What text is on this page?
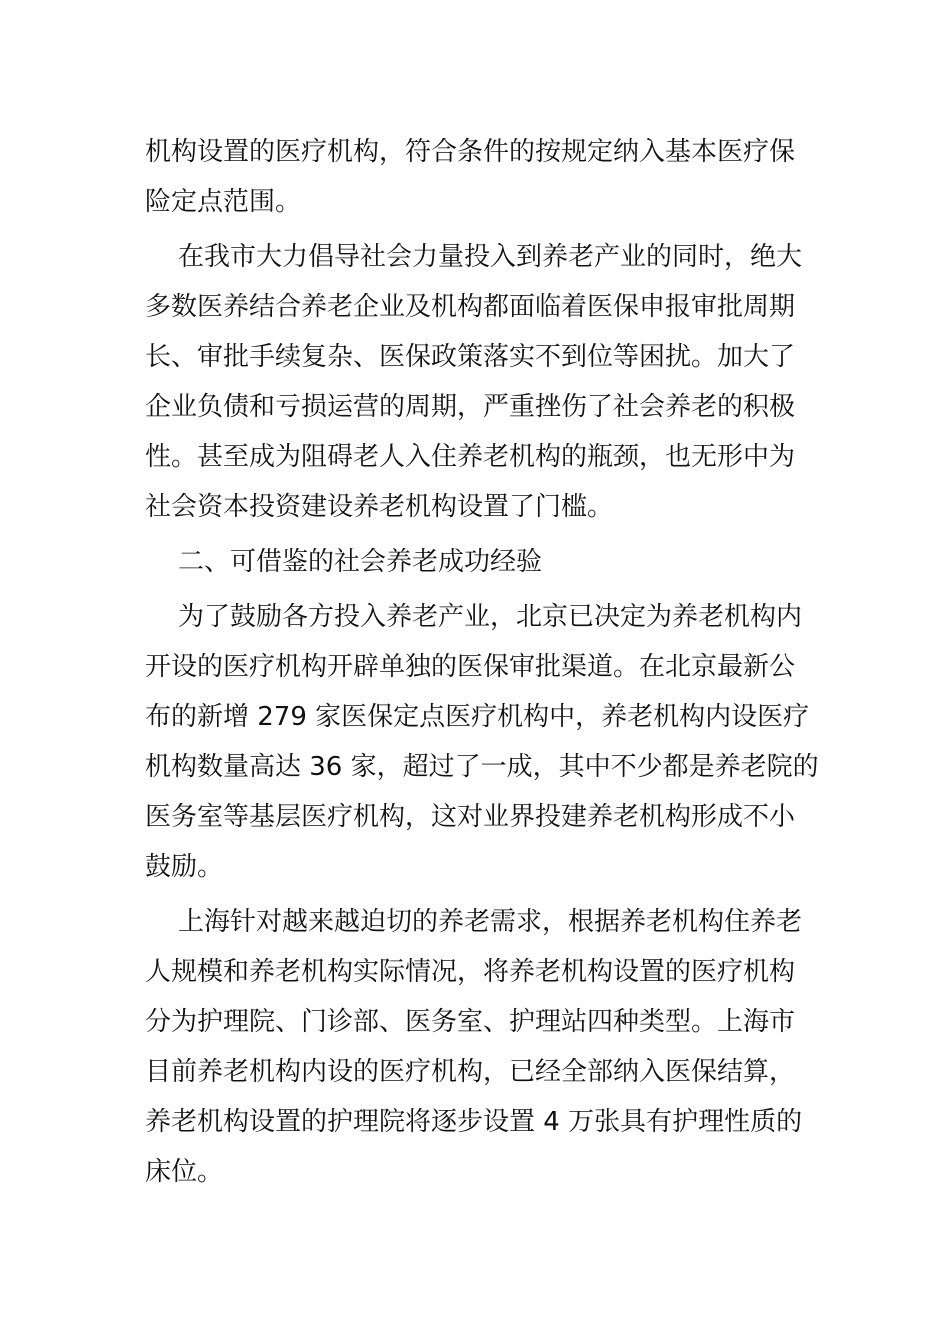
机构设置的医疗机构，符合条件的按规定纳入基本医疗保
险定点范围。
在我市大力倡导社会力量投入到养老产业的同时，绝大
多数医养结合养老企业及机构都面临着医保申报审批周期
长、审批手续复杂、医保政策落实不到位等困扰。加大了
企业负债和亏损运营的周期，严重挫伤了社会养老的积极
性。甚至成为阻碍老人入住养老机构的瓶颈，也无形中为
社会资本投资建设养老机构设置了门槛。
二、可借鉴的社会养老成功经验
为了鼓励各方投入养老产业，北京已决定为养老机构内
开设的医疗机构开辟单独的医保审批渠道。在北京最新公
布的新增 279 家医保定点医疗机构中，养老机构内设医疗
机构数量高达 36 家，超过了一成，其中不少都是养老院的
医务室等基层医疗机构，这对业界投建养老机构形成不小
鼓励。
上海针对越来越迫切的养老需求，根据养老机构住养老
人规模和养老机构实际情况，将养老机构设置的医疗机构
分为护理院、门诊部、医务室、护理站四种类型。上海市
目前养老机构内设的医疗机构，已经全部纳入医保结算，
养老机构设置的护理院将逐步设置 4 万张具有护理性质的
床位。
